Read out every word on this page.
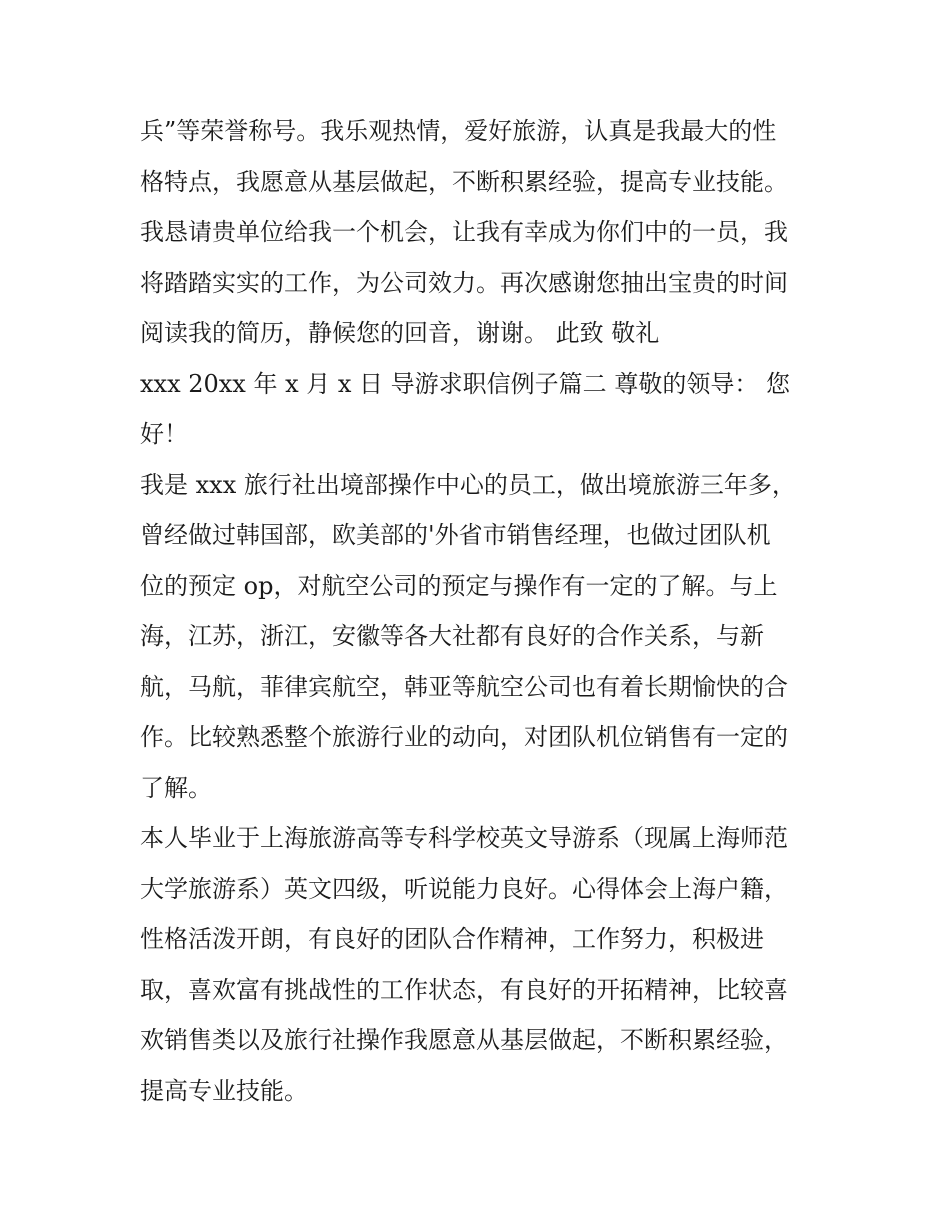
兵”等荣誉称号。我乐观热情，爱好旅游，认真是我最大的性
格特点，我愿意从基层做起，不断积累经验，提高专业技能。
我恳请贵单位给我一个机会，让我有幸成为你们中的一员，我
将踏踏实实的工作，为公司效力。再次感谢您抽出宝贵的时间
阅读我的简历，静候您的回音，谢谢。 此致 敬礼
xxx 20xx 年 x 月 x 日 导游求职信例子篇二 尊敬的领导： 您
好！
我是 xxx 旅行社出境部操作中心的员工，做出境旅游三年多，
曾经做过韩国部，欧美部的'外省市销售经理，也做过团队机
位的预定 op，对航空公司的预定与操作有一定的了解。与上
海，江苏，浙江，安徽等各大社都有良好的合作关系，与新
航，马航，菲律宾航空，韩亚等航空公司也有着长期愉快的合
作。比较熟悉整个旅游行业的动向，对团队机位销售有一定的
了解。
本人毕业于上海旅游高等专科学校英文导游系（现属上海师范
大学旅游系）英文四级，听说能力良好。心得体会上海户籍，
性格活泼开朗，有良好的团队合作精神，工作努力，积极进
取，喜欢富有挑战性的工作状态，有良好的开拓精神，比较喜
欢销售类以及旅行社操作我愿意从基层做起，不断积累经验，
提高专业技能。
